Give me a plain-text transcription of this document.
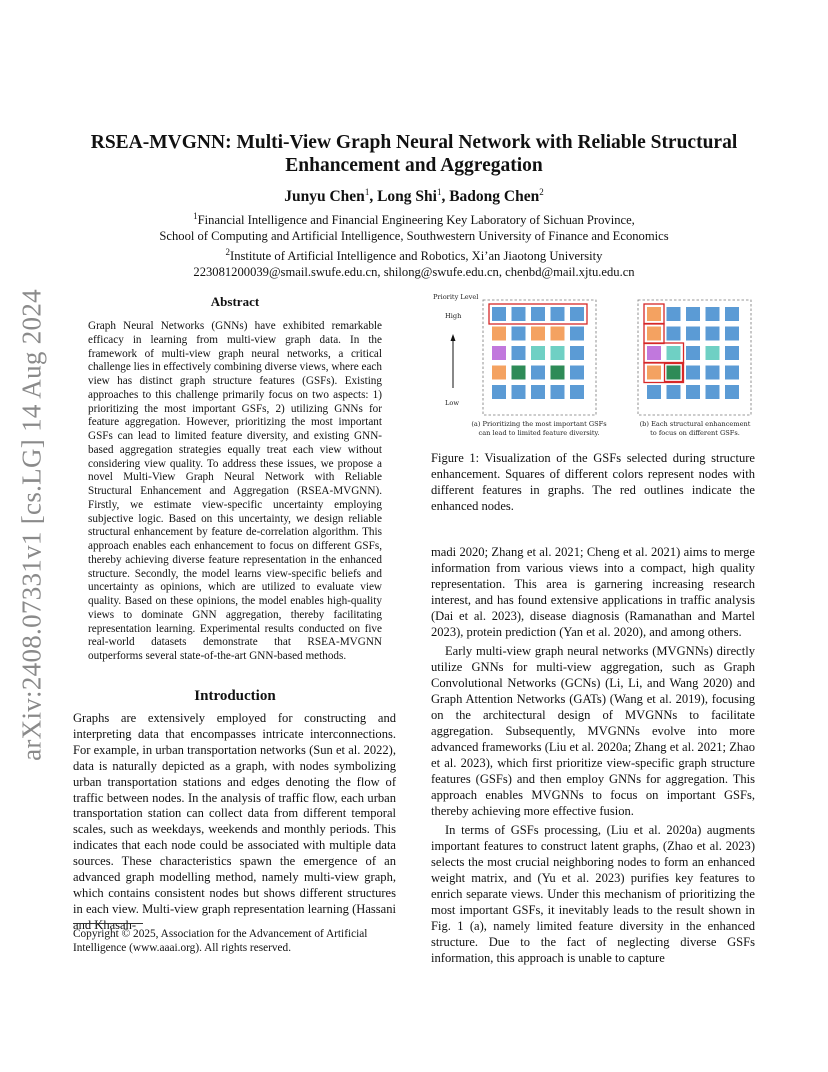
arXiv:2408.07331v1 [cs.LG] 14 Aug 2024
RSEA-MVGNN: Multi-View Graph Neural Network with Reliable Structural
Enhancement and Aggregation
Junyu Chen$^1$, Long Shi$^1$, Badong Chen$^2$
$^1$Financial Intelligence and Financial Engineering Key Laboratory of Sichuan Province,
School of Computing and Artificial Intelligence, Southwestern University of Finance and Economics
$^2$Institute of Artificial Intelligence and Robotics, Xi’an Jiaotong University
223081200039@smail.swufe.edu.cn, shilong@swufe.edu.cn, chenbd@mail.xjtu.edu.cn
Abstract
Graph Neural Networks (GNNs) have exhibited remarkable efficacy in learning from multi-view graph data. In the framework of multi-view graph neural networks, a critical challenge lies in effectively combining diverse views, where each view has distinct graph structure features (GSFs). Existing approaches to this challenge primarily focus on two aspects: 1) prioritizing the most important GSFs, 2) utilizing GNNs for feature aggregation. However, prioritizing the most important GSFs can lead to limited feature diversity, and existing GNN-based aggregation strategies equally treat each view without considering view quality. To address these issues, we propose a novel Multi-View Graph Neural Network with Reliable Structural Enhancement and Aggregation (RSEA-MVGNN). Firstly, we estimate view-specific uncertainty employing subjective logic. Based on this uncertainty, we design reliable structural enhancement by feature de-correlation algorithm. This approach enables each enhancement to focus on different GSFs, thereby achieving diverse feature representation in the enhanced structure. Secondly, the model learns view-specific beliefs and uncertainty as opinions, which are utilized to evaluate view quality. Based on these opinions, the model enables high-quality views to dominate GNN aggregation, thereby facilitating representation learning. Experimental results conducted on five real-world datasets demonstrate that RSEA-MVGNN outperforms several state-of-the-art GNN-based methods.
Introduction

Graphs are extensively employed for constructing and interpreting data that encompasses intricate interconnections. For example, in urban transportation networks (Sun et al. 2022), data is naturally depicted as a graph, with nodes symbolizing urban transportation stations and edges denoting the flow of traffic between nodes. In the analysis of traffic flow, each urban transportation station can collect data from different temporal scales, such as weekdays, weekends and monthly periods. This indicates that each node could be associated with multiple data sources. These characteristics spawn the emergence of an advanced graph modelling method, namely multi-view graph, which contains consistent nodes but shows different structures in each view. Multi-view graph representation learning (Hassani and Khasah-

Copyright © 2025, Association for the Advancement of Artificial Intelligence (www.aaai.org). All rights reserved.
Priority Level
High
Low
(a) Prioritizing the most important GSFs
can lead to limited feature diversity.
(b) Each structural enhancement
to focus on different GSFs.
Figure 1: Visualization of the GSFs selected during structure enhancement. Squares of different colors represent nodes with different features in graphs. The red outlines indicate the enhanced nodes.

madi 2020; Zhang et al. 2021; Cheng et al. 2021) aims to merge information from various views into a compact, high quality representation. This area is garnering increasing research interest, and has found extensive applications in traffic analysis (Dai et al. 2023), disease diagnosis (Ramanathan and Martel 2023), protein prediction (Yan et al. 2020), and among others.

Early multi-view graph neural networks (MVGNNs) directly utilize GNNs for multi-view aggregation, such as Graph Convolutional Networks (GCNs) (Li, Li, and Wang 2020) and Graph Attention Networks (GATs) (Wang et al. 2019), focusing on the architectural design of MVGNNs to facilitate aggregation. Subsequently, MVGNNs evolve into more advanced frameworks (Liu et al. 2020a; Zhang et al. 2021; Zhao et al. 2023), which first prioritize view-specific graph structure features (GSFs) and then employ GNNs for aggregation. This approach enables MVGNNs to focus on important GSFs, thereby achieving more effective fusion.

In terms of GSFs processing, (Liu et al. 2020a) augments important features to construct latent graphs, (Zhao et al. 2023) selects the most crucial neighboring nodes to form an enhanced weight matrix, and (Yu et al. 2023) purifies key features to enrich separate views. Under this mechanism of prioritizing the most important GSFs, it inevitably leads to the result shown in Fig. 1 (a), namely limited feature diversity in the enhanced structure. Due to the fact of neglecting diverse GSFs information, this approach is unable to capture
